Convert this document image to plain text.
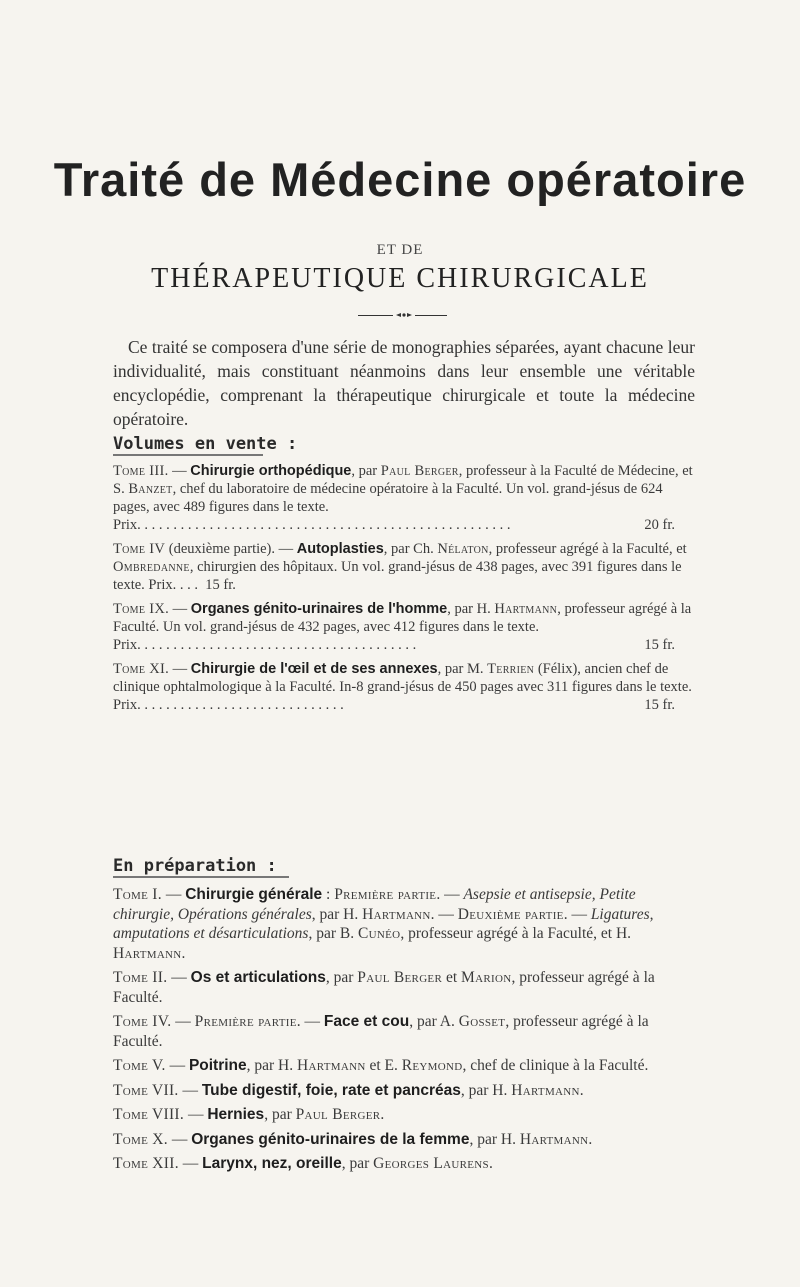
Traité de Médecine opératoire
ET DE
THÉRAPEUTIQUE CHIRURGICALE
Ce traité se composera d'une série de monographies séparées, ayant chacune leur individualité, mais constituant néanmoins dans leur ensemble une véritable encyclopédie, comprenant la thérapeutique chirurgicale et toute la médecine opératoire.
Volumes en vente :
Tome III. — Chirurgie orthopédique, par Paul Berger, professeur à la Faculté de Médecine, et S. Banzet, chef du laboratoire de médecine opératoire à la Faculté. Un vol. grand-jésus de 624 pages, avec 489 figures dans le texte.
Prix . . . . . . . . . . . . . . . . . . . . . . . . . . . . . . . . . . . . . . . . . . . . . . . . . . . .	20 fr.
Tome IV (deuxième partie). — Autoplasties, par Ch. Nélaton, professeur agrégé à la Faculté, et Ombredanne, chirurgien des hôpitaux. Un vol. grand-jésus de 438 pages, avec 391 figures dans le texte. Prix. . . . 15 fr.
Tome IX. — Organes génito-urinaires de l'homme, par H. Hartmann, professeur agrégé à la Faculté. Un vol. grand-jésus de 432 pages, avec 412 figures dans le texte.
Prix . . . . . . . . . . . . . . . . . . . . . . . . . . . . . . . . . . . . . . .	15 fr.
Tome XI. — Chirurgie de l'œil et de ses annexes, par M. Terrien (Félix), ancien chef de clinique ophtalmologique à la Faculté. In-8 grand-jésus de 450 pages avec 311 figures dans le texte.
Prix . . . . . . . . . . . . . . . . . . . . . . . . . . . . .	15 fr.
En préparation :
Tome I. — Chirurgie générale : Première partie. — Asepsie et antisepsie, Petite chirurgie, Opérations générales, par H. Hartmann. — Deuxième partie. — Ligatures, amputations et désarticulations, par B. Cunéo, professeur agrégé à la Faculté, et H. Hartmann.
Tome II. — Os et articulations, par Paul Berger et Marion, professeur agrégé à la Faculté.
Tome IV. — Première partie. — Face et cou, par A. Gosset, professeur agrégé à la Faculté.
Tome V. — Poitrine, par H. Hartmann et E. Reymond, chef de clinique à la Faculté.
Tome VII. — Tube digestif, foie, rate et pancréas, par H. Hartmann.
Tome VIII. — Hernies, par Paul Berger.
Tome X. — Organes génito-urinaires de la femme, par H. Hartmann.
Tome XII. — Larynx, nez, oreille, par Georges Laurens.
